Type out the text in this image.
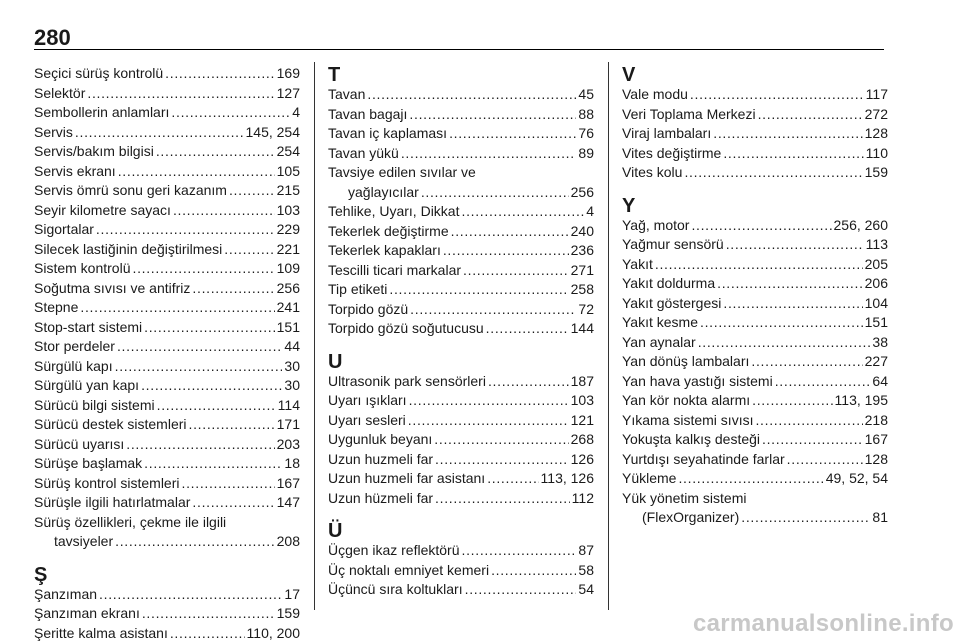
280
Seçici sürüş kontrolü . . .	169
Selektör . . .	127
Sembollerin anlamları . . .	4
Servis . . .	145, 254
Servis/bakım bilgisi . . .	254
Servis ekranı . . .	105
Servis ömrü sonu geri kazanım . . .	215
Seyir kilometre sayacı . . .	103
Sigortalar . . .	229
Silecek lastiğinin değiştirilmesi . . .	221
Sistem kontrolü . . .	109
Soğutma sıvısı ve antifriz . . .	256
Stepne . . .	241
Stop-start sistemi . . .	151
Stor perdeler . . .	44
Sürgülü kapı . . .	30
Sürgülü yan kapı . . .	30
Sürücü bilgi sistemi . . .	114
Sürücü destek sistemleri . . .	171
Sürücü uyarısı . . .	203
Sürüşe başlamak . . .	18
Sürüş kontrol sistemleri . . .	167
Sürüşle ilgili hatırlatmalar . . .	147
Sürüş özellikleri, çekme ile ilgili
tavsiyeler . . .	208
Ş
Şanzıman . . .	17
Şanzıman ekranı . . .	159
Şeritte kalma asistanı . . .	110, 200
T
Tavan . . .	45
Tavan bagajı . . .	88
Tavan iç kaplaması . . .	76
Tavan yükü . . .	89
Tavsiye edilen sıvılar ve
yağlayıcılar . . .	256
Tehlike, Uyarı, Dikkat . . .	4
Tekerlek değiştirme . . .	240
Tekerlek kapakları . . .	236
Tescilli ticari markalar . . .	271
Tip etiketi . . .	258
Torpido gözü . . .	72
Torpido gözü soğutucusu . . .	144
U
Ultrasonik park sensörleri . . .	187
Uyarı ışıkları . . .	103
Uyarı sesleri . . .	121
Uygunluk beyanı . . .	268
Uzun huzmeli far . . .	126
Uzun huzmeli far asistanı . . .	113, 126
Uzun hüzmeli far . . .	112
Ü
Üçgen ikaz reflektörü . . .	87
Üç noktalı emniyet kemeri . . .	58
Üçüncü sıra koltukları . . .	54
V
Vale modu . . .	117
Veri Toplama Merkezi . . .	272
Viraj lambaları . . .	128
Vites değiştirme . . .	110
Vites kolu . . .	159
Y
Yağ, motor . . .	256, 260
Yağmur sensörü . . .	113
Yakıt . . .	205
Yakıt doldurma . . .	206
Yakıt göstergesi . . .	104
Yakıt kesme . . .	151
Yan aynalar . . .	38
Yan dönüş lambaları . . .	227
Yan hava yastığı sistemi . . .	64
Yan kör nokta alarmı . . .	113, 195
Yıkama sistemi sıvısı . . .	218
Yokuşta kalkış desteği . . .	167
Yurtdışı seyahatinde farlar . . .	128
Yükleme . . .	49, 52, 54
Yük yönetim sistemi
(FlexOrganizer) . . .	81
carmanualsonline.info
